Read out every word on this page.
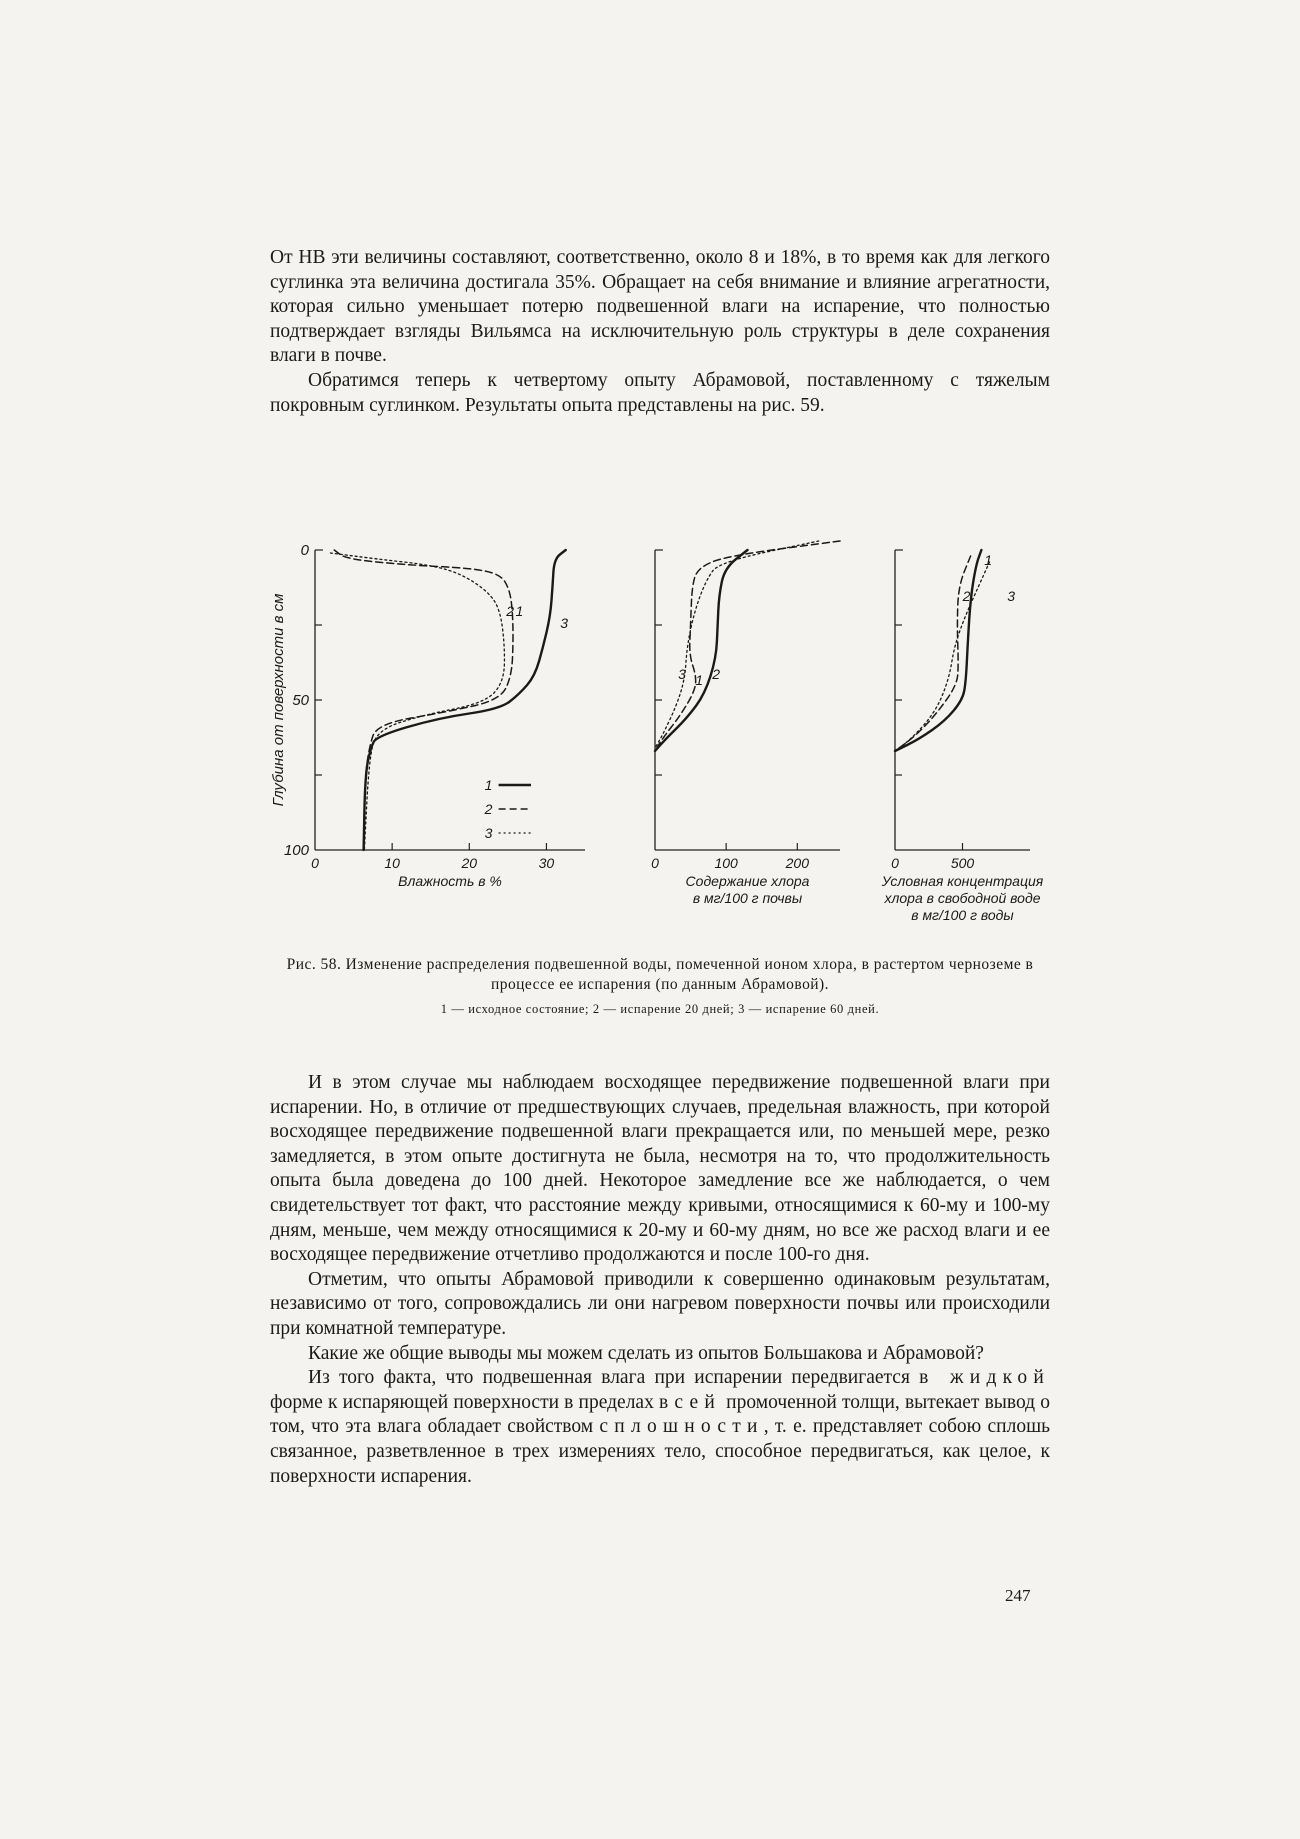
От НВ эти величины составляют, соответственно, около 8 и 18%, в то время как для легкого суглинка эта величина достигала 35%. Обращает на себя внимание и влияние агрегатности, которая сильно уменьшает потерю подвешенной влаги на испарение, что полностью подтверждает взгляды Вильямса на исключительную роль структуры в деле сохранения влаги в почве.

Обратимся теперь к четвертому опыту Абрамовой, поставленному с тяжелым покровным суглинком. Результаты опыта представлены на рис. 59.

Глубина от поверхности в см
0
50
100
0	10	20	30
Влажность в %
1
2
3
1
2
3
0	100	200
Содержание хлора
в мг/100 г почвы
1 2
3
0	500
Условная концентрация
хлора в свободной воде
в мг/100 г воды
1
2	3
Рис. 58. Изменение распределения подвешенной воды, помеченной ионом хлора, в растертом черноземе в процессе ее испарения (по данным Абрамовой).
1 — исходное состояние; 2 — испарение 20 дней; 3 — испарение 60 дней.

И в этом случае мы наблюдаем восходящее передвижение подвешенной влаги при испарении. Но, в отличие от предшествующих случаев, предельная влажность, при которой восходящее передвижение подвешенной влаги прекращается или, по меньшей мере, резко замедляется, в этом опыте достигнута не была, несмотря на то, что продолжительность опыта была доведена до 100 дней. Некоторое замедление все же наблюдается, о чем свидетельствует тот факт, что расстояние между кривыми, относящимися к 60-му и 100-му дням, меньше, чем между относящимися к 20-му и 60-му дням, но все же расход влаги и ее восходящее передвижение отчетливо продолжаются и после 100-го дня.

Отметим, что опыты Абрамовой приводили к совершенно одинаковым результатам, независимо от того, сопровождались ли они нагревом поверхности почвы или происходили при комнатной температуре.

Какие же общие выводы мы можем сделать из опытов Большакова и Абрамовой?

Из того факта, что подвешенная влага при испарении передвигается в жидкой форме к испаряющей поверхности в пределах всей промоченной толщи, вытекает вывод о том, что эта влага обладает свойством сплошности, т. е. представляет собою сплошь связанное, разветвленное в трех измерениях тело, способное передвигаться, как целое, к поверхности испарения.

247
